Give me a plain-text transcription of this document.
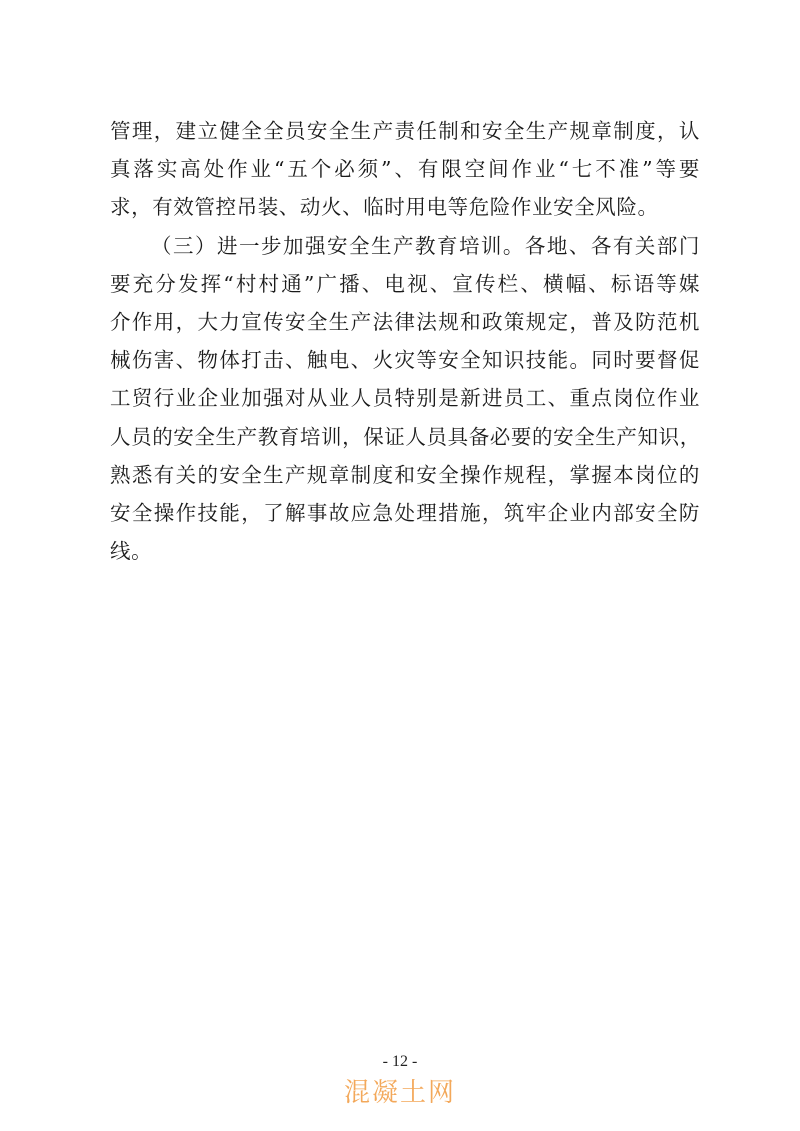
管理，建立健全全员安全生产责任制和安全生产规章制度，认
真落实高处作业“五个必须”、有限空间作业“七不准”等要
求，有效管控吊装、动火、临时用电等危险作业安全风险。
（三）进一步加强安全生产教育培训。各地、各有关部门
要充分发挥“村村通”广播、电视、宣传栏、横幅、标语等媒
介作用，大力宣传安全生产法律法规和政策规定，普及防范机
械伤害、物体打击、触电、火灾等安全知识技能。同时要督促
工贸行业企业加强对从业人员特别是新进员工、重点岗位作业
人员的安全生产教育培训，保证人员具备必要的安全生产知识，
熟悉有关的安全生产规章制度和安全操作规程，掌握本岗位的
安全操作技能，了解事故应急处理措施，筑牢企业内部安全防
线。
- 12 -
混凝土网
